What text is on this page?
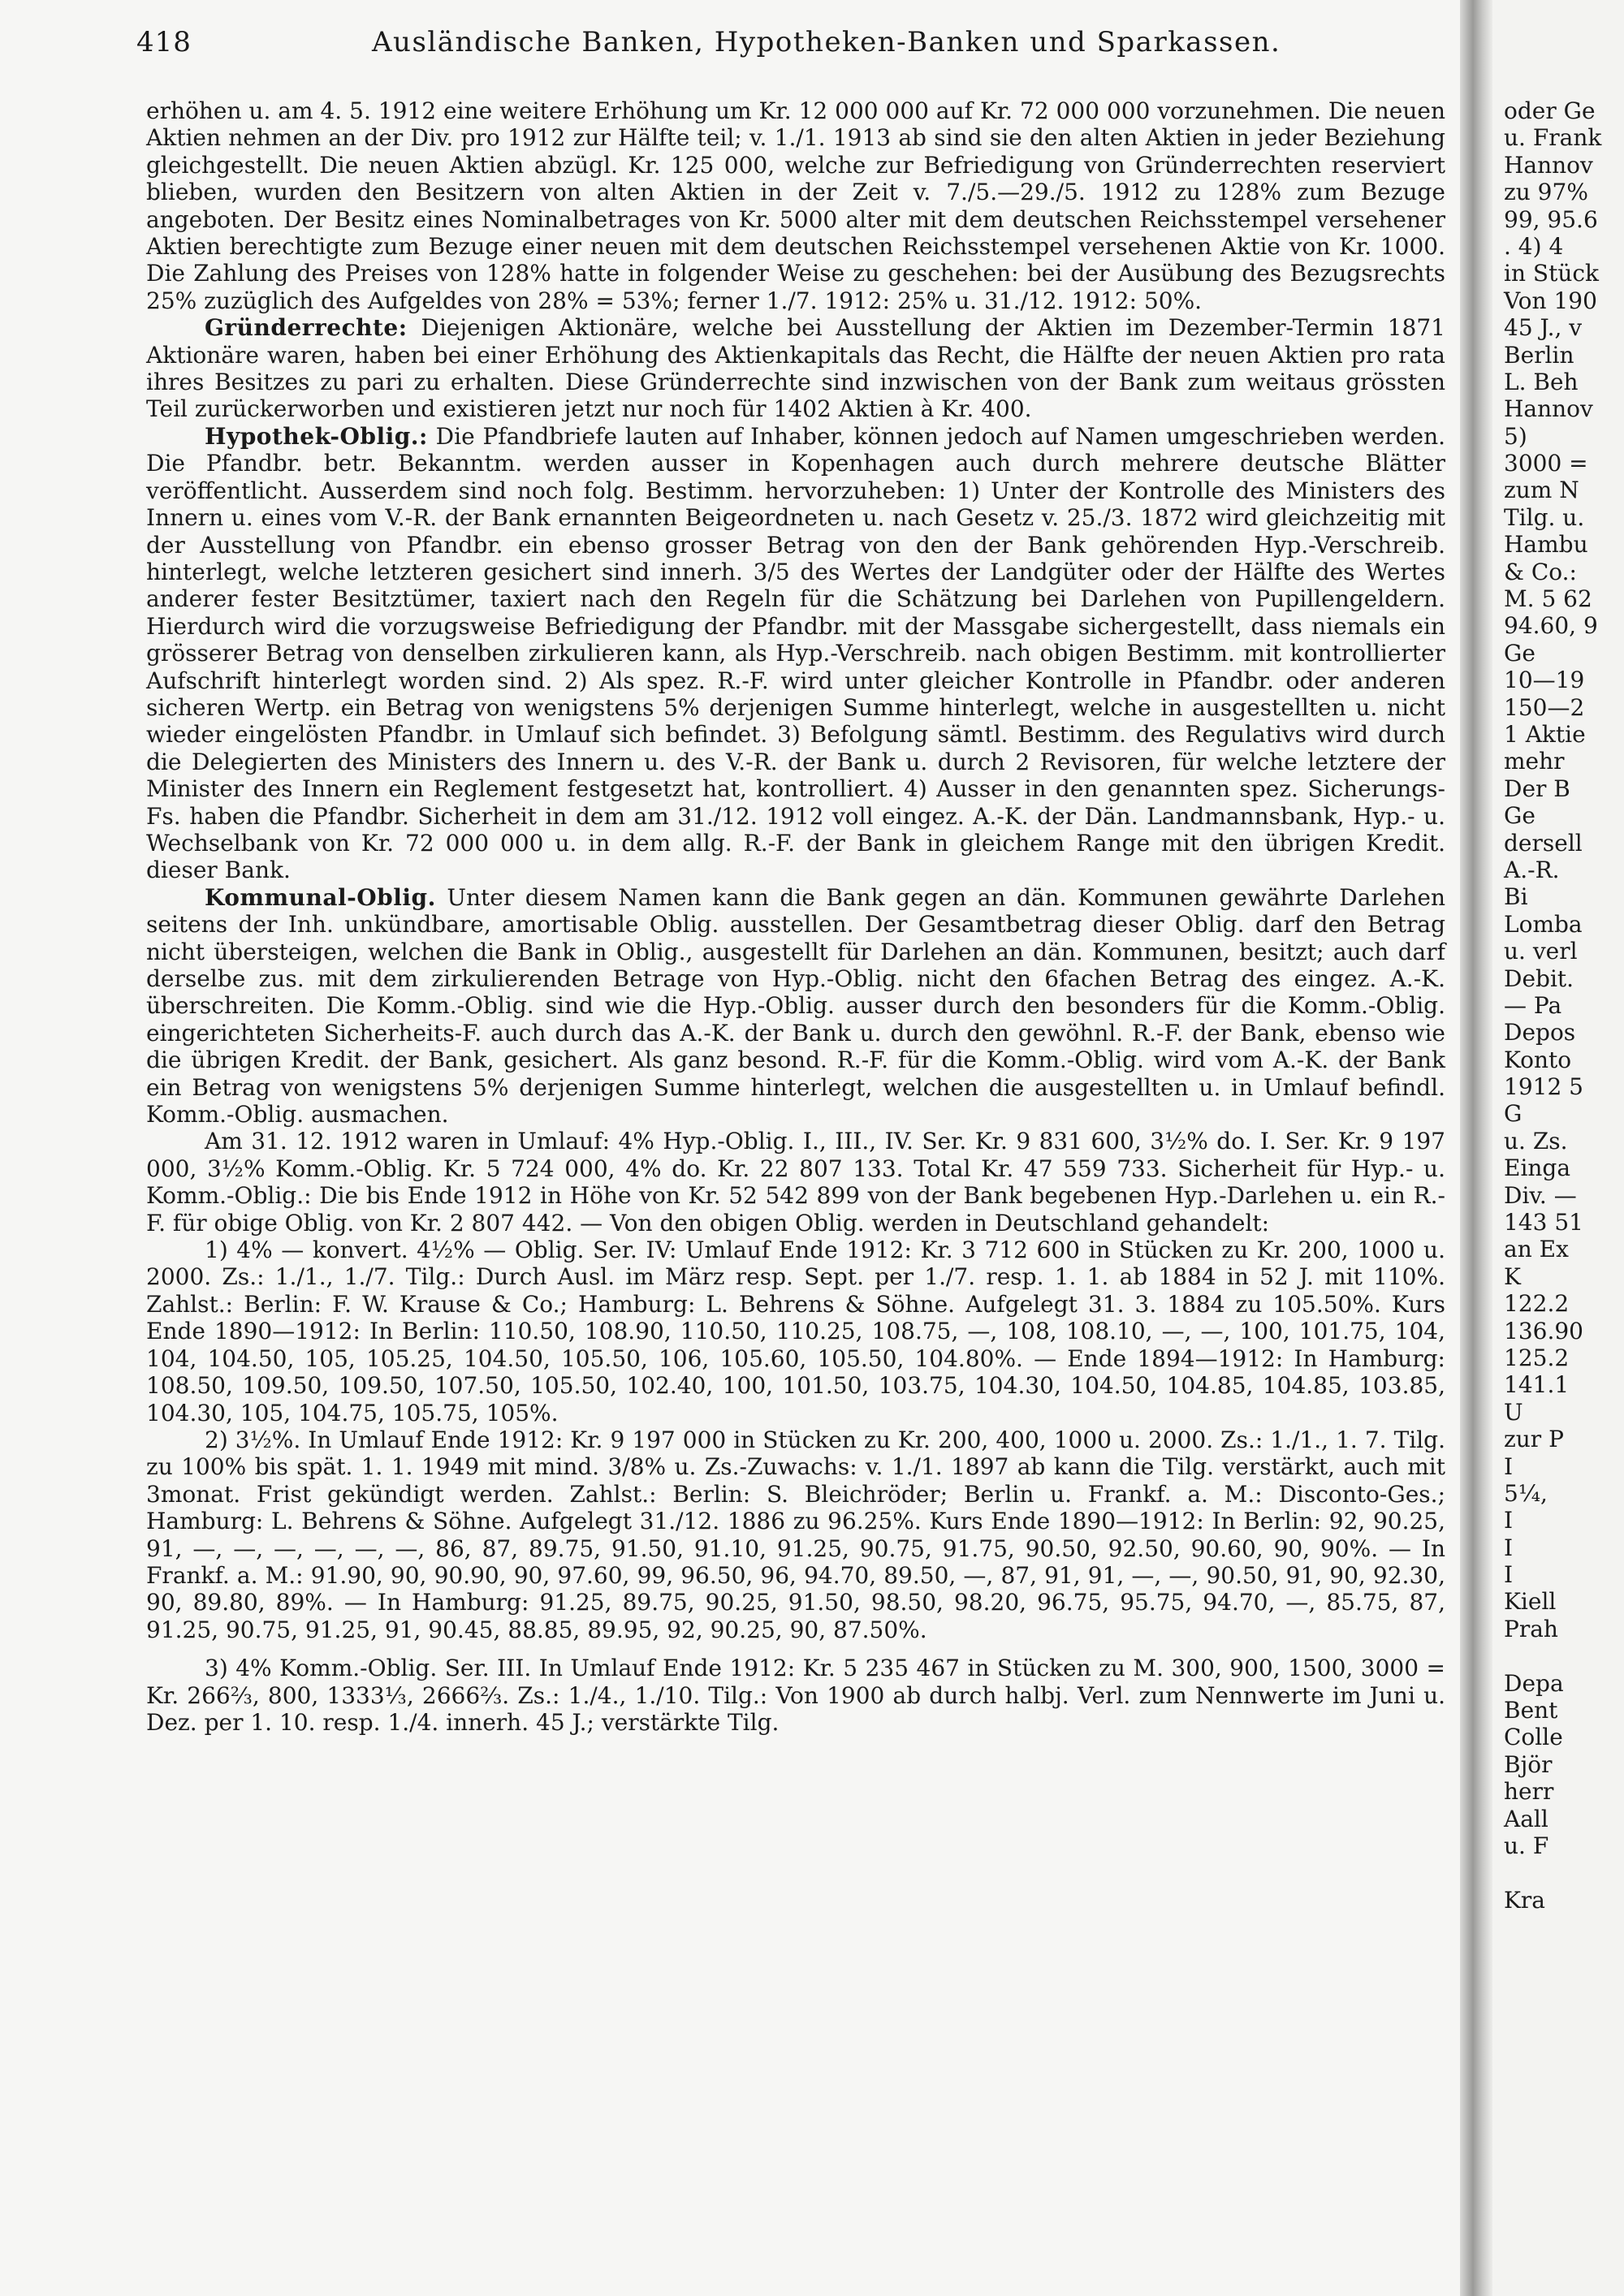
418	Ausländische Banken, Hypotheken-Banken und Sparkassen.

erhöhen u. am 4. 5. 1912 eine weitere Erhöhung um Kr. 12 000 000 auf Kr. 72 000 000 vorzunehmen. Die neuen Aktien nehmen an der Div. pro 1912 zur Hälfte teil; v. 1./1. 1913 ab sind sie den alten Aktien in jeder Beziehung gleichgestellt. Die neuen Aktien abzügl. Kr. 125 000, welche zur Befriedigung von Gründerrechten reserviert blieben, wurden den Besitzern von alten Aktien in der Zeit v. 7./5.—29./5. 1912 zu 128% zum Bezuge angeboten. Der Besitz eines Nominalbetrages von Kr. 5000 alter mit dem deutschen Reichsstempel versehener Aktien berechtigte zum Bezuge einer neuen mit dem deutschen Reichsstempel versehenen Aktie von Kr. 1000. Die Zahlung des Preises von 128% hatte in folgender Weise zu geschehen: bei der Ausübung des Bezugsrechts 25% zuzüglich des Aufgeldes von 28% = 53%; ferner 1./7. 1912: 25% u. 31./12. 1912: 50%.

Gründerrechte: Diejenigen Aktionäre, welche bei Ausstellung der Aktien im Dezember-Termin 1871 Aktionäre waren, haben bei einer Erhöhung des Aktienkapitals das Recht, die Hälfte der neuen Aktien pro rata ihres Besitzes zu pari zu erhalten. Diese Gründerrechte sind inzwischen von der Bank zum weitaus grössten Teil zurückerworben und existieren jetzt nur noch für 1402 Aktien à Kr. 400.

Hypothek-Oblig.: Die Pfandbriefe lauten auf Inhaber, können jedoch auf Namen umgeschrieben werden. Die Pfandbr. betr. Bekanntm. werden ausser in Kopenhagen auch durch mehrere deutsche Blätter veröffentlicht. Ausserdem sind noch folg. Bestimm. hervorzuheben: 1) Unter der Kontrolle des Ministers des Innern u. eines vom V.-R. der Bank ernannten Beigeordneten u. nach Gesetz v. 25./3. 1872 wird gleichzeitig mit der Ausstellung von Pfandbr. ein ebenso grosser Betrag von den der Bank gehörenden Hyp.-Verschreib. hinterlegt, welche letzteren gesichert sind innerh. 3/5 des Wertes der Landgüter oder der Hälfte des Wertes anderer fester Besitztümer, taxiert nach den Regeln für die Schätzung bei Darlehen von Pupillengeldern. Hierdurch wird die vorzugsweise Befriedigung der Pfandbr. mit der Massgabe sichergestellt, dass niemals ein grösserer Betrag von denselben zirkulieren kann, als Hyp.-Verschreib. nach obigen Bestimm. mit kontrollierter Aufschrift hinterlegt worden sind. 2) Als spez. R.-F. wird unter gleicher Kontrolle in Pfandbr. oder anderen sicheren Wertp. ein Betrag von wenigstens 5% derjenigen Summe hinterlegt, welche in ausgestellten u. nicht wieder eingelösten Pfandbr. in Umlauf sich befindet. 3) Befolgung sämtl. Bestimm. des Regulativs wird durch die Delegierten des Ministers des Innern u. des V.-R. der Bank u. durch 2 Revisoren, für welche letztere der Minister des Innern ein Reglement festgesetzt hat, kontrolliert. 4) Ausser in den genannten spez. Sicherungs-Fs. haben die Pfandbr. Sicherheit in dem am 31./12. 1912 voll eingez. A.-K. der Dän. Landmannsbank, Hyp.- u. Wechselbank von Kr. 72 000 000 u. in dem allg. R.-F. der Bank in gleichem Range mit den übrigen Kredit. dieser Bank.

Kommunal-Oblig. Unter diesem Namen kann die Bank gegen an dän. Kommunen gewährte Darlehen seitens der Inh. unkündbare, amortisable Oblig. ausstellen. Der Gesamtbetrag dieser Oblig. darf den Betrag nicht übersteigen, welchen die Bank in Oblig., ausgestellt für Darlehen an dän. Kommunen, besitzt; auch darf derselbe zus. mit dem zirkulierenden Betrage von Hyp.-Oblig. nicht den 6fachen Betrag des eingez. A.-K. überschreiten. Die Komm.-Oblig. sind wie die Hyp.-Oblig. ausser durch den besonders für die Komm.-Oblig. eingerichteten Sicherheits-F. auch durch das A.-K. der Bank u. durch den gewöhnl. R.-F. der Bank, ebenso wie die übrigen Kredit. der Bank, gesichert. Als ganz besond. R.-F. für die Komm.-Oblig. wird vom A.-K. der Bank ein Betrag von wenigstens 5% derjenigen Summe hinterlegt, welchen die ausgestellten u. in Umlauf befindl. Komm.-Oblig. ausmachen.

Am 31. 12. 1912 waren in Umlauf: 4% Hyp.-Oblig. I., III., IV. Ser. Kr. 9 831 600, 3½% do. I. Ser. Kr. 9 197 000, 3½% Komm.-Oblig. Kr. 5 724 000, 4% do. Kr. 22 807 133. Total Kr. 47 559 733. Sicherheit für Hyp.- u. Komm.-Oblig.: Die bis Ende 1912 in Höhe von Kr. 52 542 899 von der Bank begebenen Hyp.-Darlehen u. ein R.-F. für obige Oblig. von Kr. 2 807 442. — Von den obigen Oblig. werden in Deutschland gehandelt:

1) 4% — konvert. 4½% — Oblig. Ser. IV: Umlauf Ende 1912: Kr. 3 712 600 in Stücken zu Kr. 200, 1000 u. 2000. Zs.: 1./1., 1./7. Tilg.: Durch Ausl. im März resp. Sept. per 1./7. resp. 1. 1. ab 1884 in 52 J. mit 110%. Zahlst.: Berlin: F. W. Krause & Co.; Hamburg: L. Behrens & Söhne. Aufgelegt 31. 3. 1884 zu 105.50%. Kurs Ende 1890—1912: In Berlin: 110.50, 108.90, 110.50, 110.25, 108.75, —, 108, 108.10, —, —, 100, 101.75, 104, 104, 104.50, 105, 105.25, 104.50, 105.50, 106, 105.60, 105.50, 104.80%. — Ende 1894—1912: In Hamburg: 108.50, 109.50, 109.50, 107.50, 105.50, 102.40, 100, 101.50, 103.75, 104.30, 104.50, 104.85, 104.85, 103.85, 104.30, 105, 104.75, 105.75, 105%.

2) 3½%. In Umlauf Ende 1912: Kr. 9 197 000 in Stücken zu Kr. 200, 400, 1000 u. 2000. Zs.: 1./1., 1. 7. Tilg. zu 100% bis spät. 1. 1. 1949 mit mind. 3/8% u. Zs.-Zuwachs: v. 1./1. 1897 ab kann die Tilg. verstärkt, auch mit 3monat. Frist gekündigt werden. Zahlst.: Berlin: S. Bleichröder; Berlin u. Frankf. a. M.: Disconto-Ges.; Hamburg: L. Behrens & Söhne. Aufgelegt 31./12. 1886 zu 96.25%. Kurs Ende 1890—1912: In Berlin: 92, 90.25, 91, —, —, —, —, —, —, 86, 87, 89.75, 91.50, 91.10, 91.25, 90.75, 91.75, 90.50, 92.50, 90.60, 90, 90%. — In Frankf. a. M.: 91.90, 90, 90.90, 90, 97.60, 99, 96.50, 96, 94.70, 89.50, —, 87, 91, 91, —, —, 90.50, 91, 90, 92.30, 90, 89.80, 89%. — In Hamburg: 91.25, 89.75, 90.25, 91.50, 98.50, 98.20, 96.75, 95.75, 94.70, —, 85.75, 87, 91.25, 90.75, 91.25, 91, 90.45, 88.85, 89.95, 92, 90.25, 90, 87.50%.

3) 4% Komm.-Oblig. Ser. III. In Umlauf Ende 1912: Kr. 5 235 467 in Stücken zu M. 300, 900, 1500, 3000 = Kr. 266⅔, 800, 1333⅓, 2666⅔. Zs.: 1./4., 1./10. Tilg.: Von 1900 ab durch halbj. Verl. zum Nennwerte im Juni u. Dez. per 1. 10. resp. 1./4. innerh. 45 J.; verstärkte Tilg.

oder Ge
u. Frank
Hannov
zu 97%
99, 95.6
. 4) 4
in Stück
Von 190
45 J., v
Berlin
L. Beh
Hannov
5)
3000 =
zum N
Tilg. u.
Hambu
& Co.:
M. 5 62
94.60, 9
Ge
10—19
150—2
1 Aktie
mehr
Der B
Ge
dersell
A.-R.
Bi
Lomba
u. verl
Debit.
— Pa
Depos
Konto
1912 5
G
u. Zs.
Einga
Div. —
143 51
an Ex
K
122.2
136.90
125.2
141.1
U
zur P
I
5¼,
I
I
I
Kiell
Prah
Depa
Bent
Colle
Björ
herr
Aall
u. F
Kra
